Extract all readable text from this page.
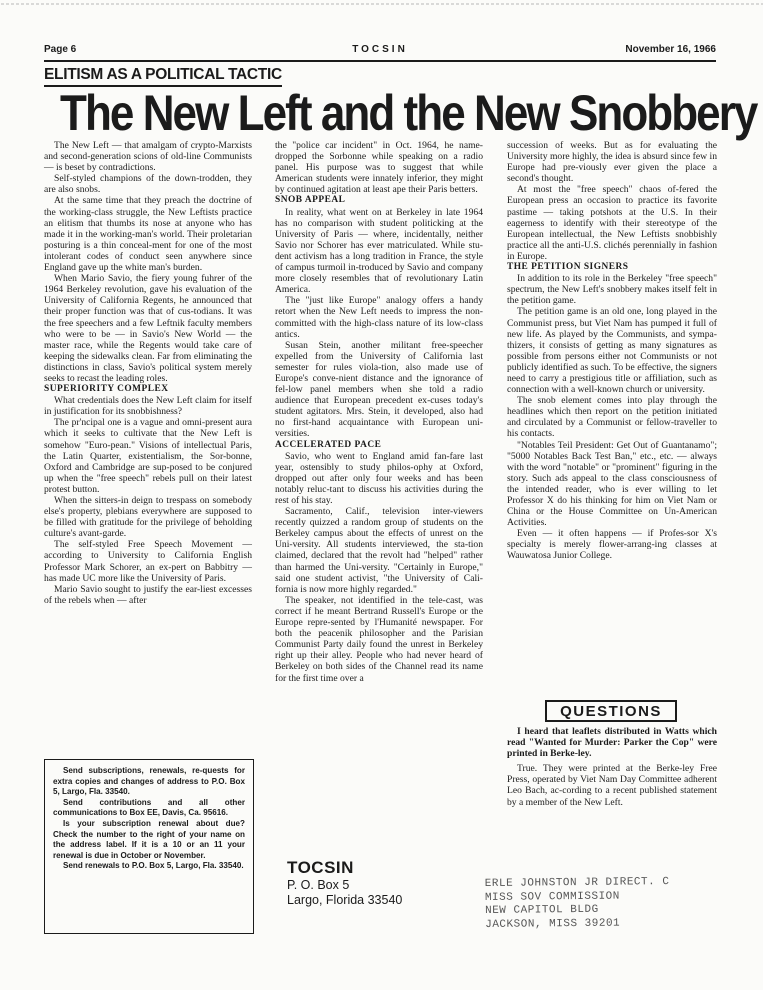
Page 6	TOCSIN	November 16, 1966
ELITISM AS A POLITICAL TACTIC
The New Left and the New Snobbery

The New Left — that amalgam of crypto-Marxists and second-generation scions of old-line Communists — is beset by contradictions.

Self-styled champions of the down-trodden, they are also snobs.

At the same time that they preach the doctrine of the working-class struggle, the New Leftists practice an elitism that thumbs its nose at anyone who has made it in the working-man's world. Their proletarian posturing is a thin conceal-ment for one of the most intolerant codes of conduct seen anywhere since England gave up the white man's burden.

When Mario Savio, the fiery young fuhrer of the 1964 Berkeley revolution, gave his evaluation of the University of California Regents, he announced that their proper function was that of cus-todians. It was the free speechers and a few Leftnik faculty members who were to be — in Savio's New World — the master race, while the Regents would take care of keeping the sidewalks clean. Far from eliminating the distinctions in class, Savio's political system merely seeks to recast the leading roles.

SUPERIORITY COMPLEX

What credentials does the New Left claim for itself in justification for its snobbishness?

The pr'ncipal one is a vague and omni-present aura which it seeks to cultivate that the New Left is somehow "Euro-pean." Visions of intellectual Paris, the Latin Quarter, existentialism, the Sor-bonne, Oxford and Cambridge are sup-posed to be conjured up when the "free speech" rebels pull on their latest protest button.

When the sitters-in deign to trespass on somebody else's property, plebians everywhere are supposed to be filled with gratitude for the privilege of beholding culture's avant-garde.

The self-styled Free Speech Movement — according to University to California English Professor Mark Schorer, an ex-pert on Babbitry — has made UC more like the University of Paris.

Mario Savio sought to justify the ear-liest excesses of the rebels when — after

the "police car incident" in Oct. 1964, he name-dropped the Sorbonne while speaking on a radio panel. His purpose was to suggest that while American students were innately inferior, they might by continued agitation at least ape their Paris betters.

SNOB APPEAL

In reality, what went on at Berkeley in late 1964 has no comparison with student politicking at the University of Paris — where, incidentally, neither Savio nor Schorer has ever matriculated. While stu-dent activism has a long tradition in France, the style of campus turmoil in-troduced by Savio and company more closely resembles that of revolutionary Latin America.

The "just like Europe" analogy offers a handy retort when the New Left needs to impress the non-committed with the high-class nature of its low-class antics.

Susan Stein, another militant free-speecher expelled from the University of California last semester for rules viola-tion, also made use of Europe's conve-nient distance and the ignorance of fel-low panel members when she told a radio audience that European precedent ex-cuses today's student agitators. Mrs. Stein, it developed, also had no first-hand acquaintance with European uni-versities.

ACCELERATED PACE

Savio, who went to England amid fan-fare last year, ostensibly to study philos-ophy at Oxford, dropped out after only four weeks and has been notably reluc-tant to discuss his activities during the rest of his stay.

Sacramento, Calif., television inter-viewers recently quizzed a random group of students on the Berkeley campus about the effects of unrest on the Uni-versity. All students interviewed, the sta-tion claimed, declared that the revolt had "helped" rather than harmed the Uni-versity. "Certainly in Europe," said one student activist, "the University of Cali-fornia is now more highly regarded."

The speaker, not identified in the tele-cast, was correct if he meant Bertrand Russell's Europe or the Europe repre-sented by l'Humanité newspaper. For both the peacenik philosopher and the Parisian Communist Party daily found the unrest in Berkeley right up their alley. People who had never heard of Berkeley on both sides of the Channel read its name for the first time over a

succession of weeks. But as for evaluating the University more highly, the idea is absurd since few in Europe had pre-viously ever given the place a second's thought.

At most the "free speech" chaos of-fered the European press an occasion to practice its favorite pastime — taking potshots at the U.S. In their eagerness to identify with their stereotype of the European intellectual, the New Leftists snobbishly practice all the anti-U.S. clichés perennially in fashion in Europe.

THE PETITION SIGNERS

In addition to its role in the Berkeley "free speech" spectrum, the New Left's snobbery makes itself felt in the petition game.

The petition game is an old one, long played in the Communist press, but Viet Nam has pumped it full of new life. As played by the Communists, and sympa-thizers, it consists of getting as many signatures as possible from persons either not Communists or not publicly identified as such. To be effective, the signers need to carry a prestigious title or affiliation, such as connection with a well-known church or university.

The snob element comes into play through the headlines which then report on the petition initiated and circulated by a Communist or fellow-traveller to his contacts.

"Notables Teil President: Get Out of Guantanamo"; "5000 Notables Back Test Ban," etc., etc. — always with the word "notable" or "prominent" figuring in the story. Such ads appeal to the class consciousness of the intended reader, who is ever willing to let Professor X do his thinking for him on Viet Nam or China or the House Committee on Un-American Activities.

Even — it often happens — if Profes-sor X's specialty is merely flower-arrang-ing classes at Wauwatosa Junior College.

QUESTIONS

I heard that leaflets distributed in Watts which read "Wanted for Murder: Parker the Cop" were printed in Berke-ley.

True. They were printed at the Berke-ley Free Press, operated by Viet Nam Day Committee adherent Leo Bach, ac-cording to a recent published statement by a member of the New Left.

Send subscriptions, renewals, re-quests for extra copies and changes of address to P.O. Box 5, Largo, Fla. 33540.

Send contributions and all other communications to Box EE, Davis, Ca. 95616.

Is your subscription renewal about due? Check the number to the right of your name on the address label. If it is a 10 or an 11 your renewal is due in October or November.

Send renewals to P.O. Box 5, Largo, Fla. 33540.	TOCSIN
P. O. Box 5
Largo, Florida 33540
ERLE JOHNSTON JR DIRECT. C
MISS SOV COMMISSION
NEW CAPITOL BLDG
JACKSON, MISS 39201
